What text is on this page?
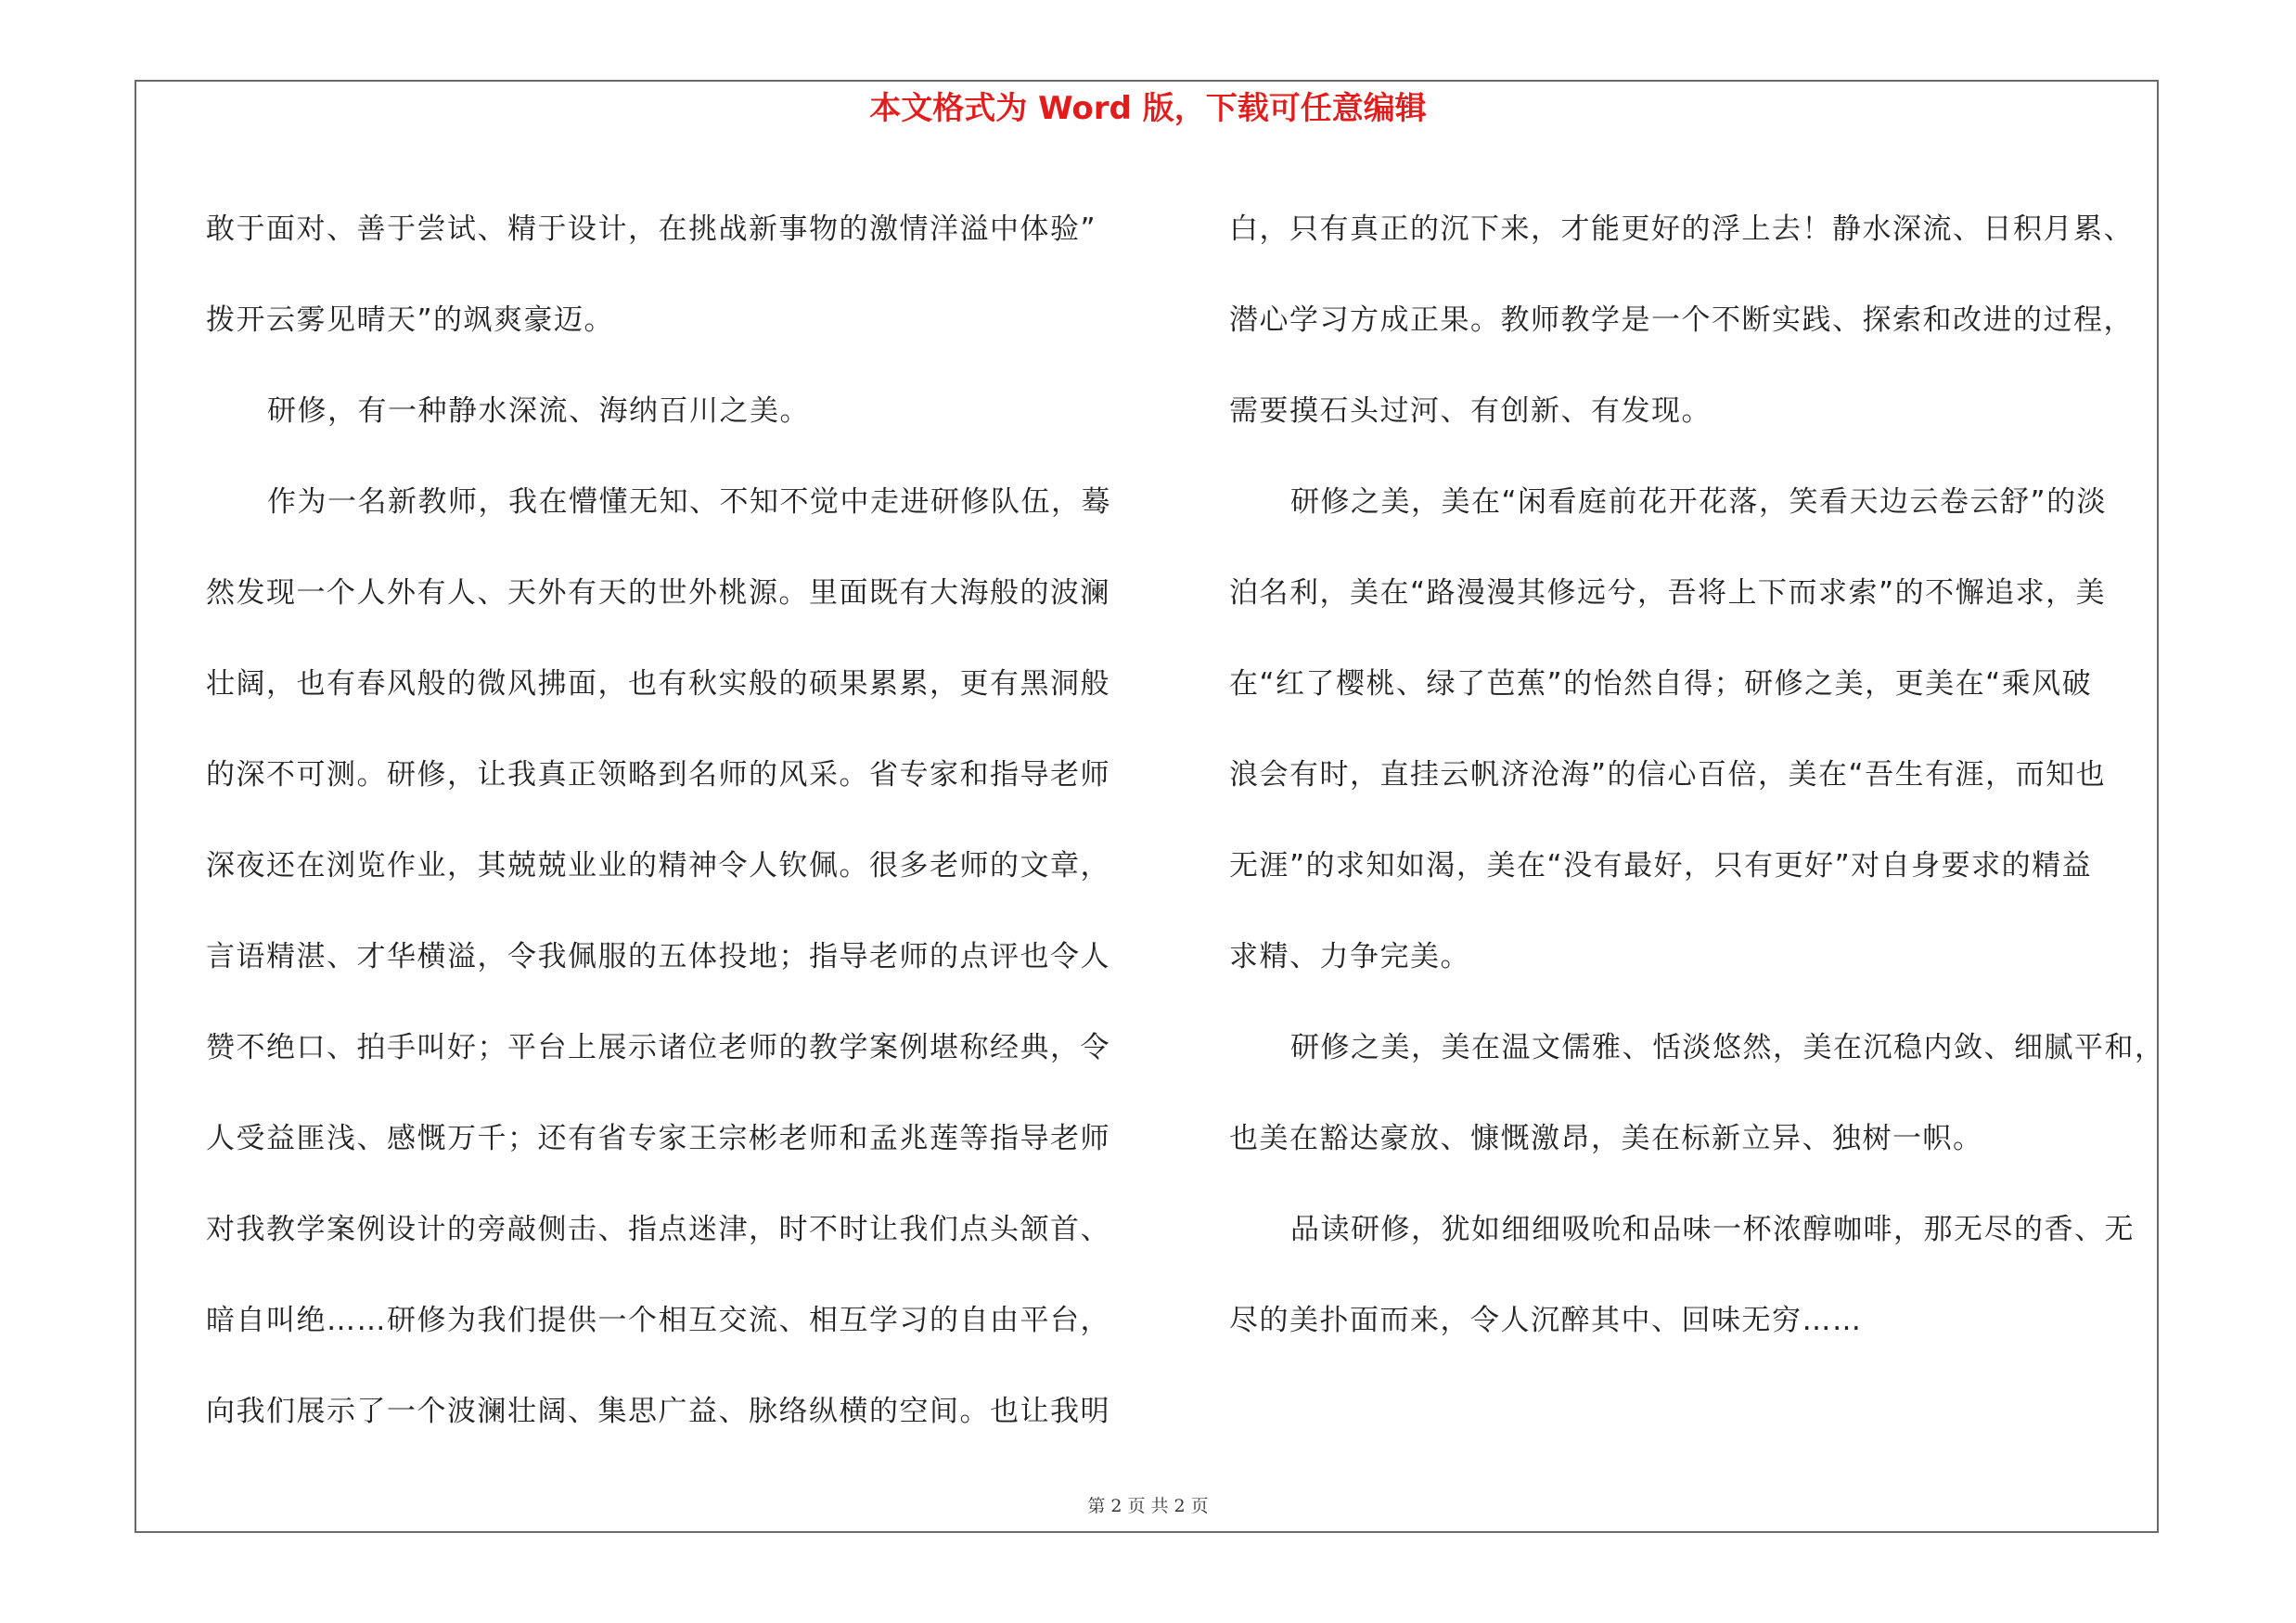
本文格式为 Word 版，下载可任意编辑
敢于面对、善于尝试、精于设计，在挑战新事物的激情洋溢中体验”
拨开云雾见晴天”的飒爽豪迈。
研修，有一种静水深流、海纳百川之美。
作为一名新教师，我在懵懂无知、不知不觉中走进研修队伍，蓦
然发现一个人外有人、天外有天的世外桃源。里面既有大海般的波澜
壮阔，也有春风般的微风拂面，也有秋实般的硕果累累，更有黑洞般
的深不可测。研修，让我真正领略到名师的风采。省专家和指导老师
深夜还在浏览作业，其兢兢业业的精神令人钦佩。很多老师的文章，
言语精湛、才华横溢，令我佩服的五体投地；指导老师的点评也令人
赞不绝口、拍手叫好；平台上展示诸位老师的教学案例堪称经典，令
人受益匪浅、感慨万千；还有省专家王宗彬老师和孟兆莲等指导老师
对我教学案例设计的旁敲侧击、指点迷津，时不时让我们点头颔首、
暗自叫绝……研修为我们提供一个相互交流、相互学习的自由平台，
向我们展示了一个波澜壮阔、集思广益、脉络纵横的空间。也让我明
白，只有真正的沉下来，才能更好的浮上去！静水深流、日积月累、
潜心学习方成正果。教师教学是一个不断实践、探索和改进的过程，
需要摸石头过河、有创新、有发现。
研修之美，美在“闲看庭前花开花落，笑看天边云卷云舒”的淡
泊名利，美在“路漫漫其修远兮，吾将上下而求索”的不懈追求，美
在“红了樱桃、绿了芭蕉”的怡然自得；研修之美，更美在“乘风破
浪会有时，直挂云帆济沧海”的信心百倍，美在“吾生有涯，而知也
无涯”的求知如渴，美在“没有最好，只有更好”对自身要求的精益
求精、力争完美。
研修之美，美在温文儒雅、恬淡悠然，美在沉稳内敛、细腻平和，
也美在豁达豪放、慷慨激昂，美在标新立异、独树一帜。
品读研修，犹如细细吸吮和品味一杯浓醇咖啡，那无尽的香、无
尽的美扑面而来，令人沉醉其中、回味无穷……
第 2 页 共 2 页
